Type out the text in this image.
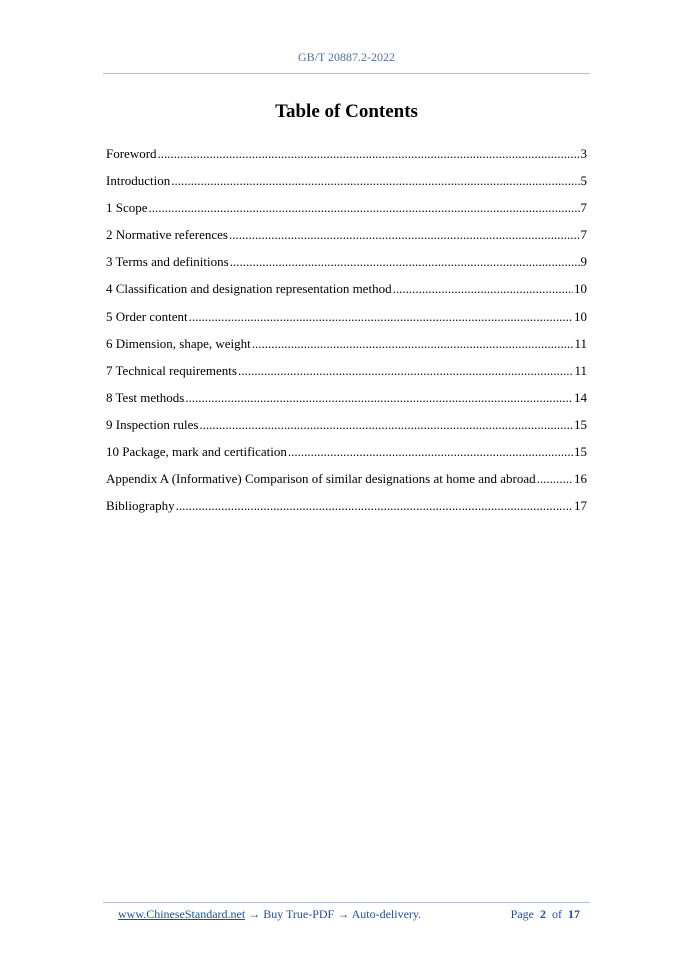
GB/T 20887.2-2022
Table of Contents
Foreword .....	3
Introduction .....	5
1 Scope .....	7
2 Normative references .....	7
3 Terms and definitions .....	9
4 Classification and designation representation method .....	10
5 Order content .....	10
6 Dimension, shape, weight .....	11
7 Technical requirements .....	11
8 Test methods .....	14
9 Inspection rules .....	15
10 Package, mark and certification .....	15
Appendix A (Informative) Comparison of similar designations at home and abroad .....	16
Bibliography .....	17
www.ChineseStandard.net → Buy True-PDF → Auto-delivery.	Page 2 of 17
